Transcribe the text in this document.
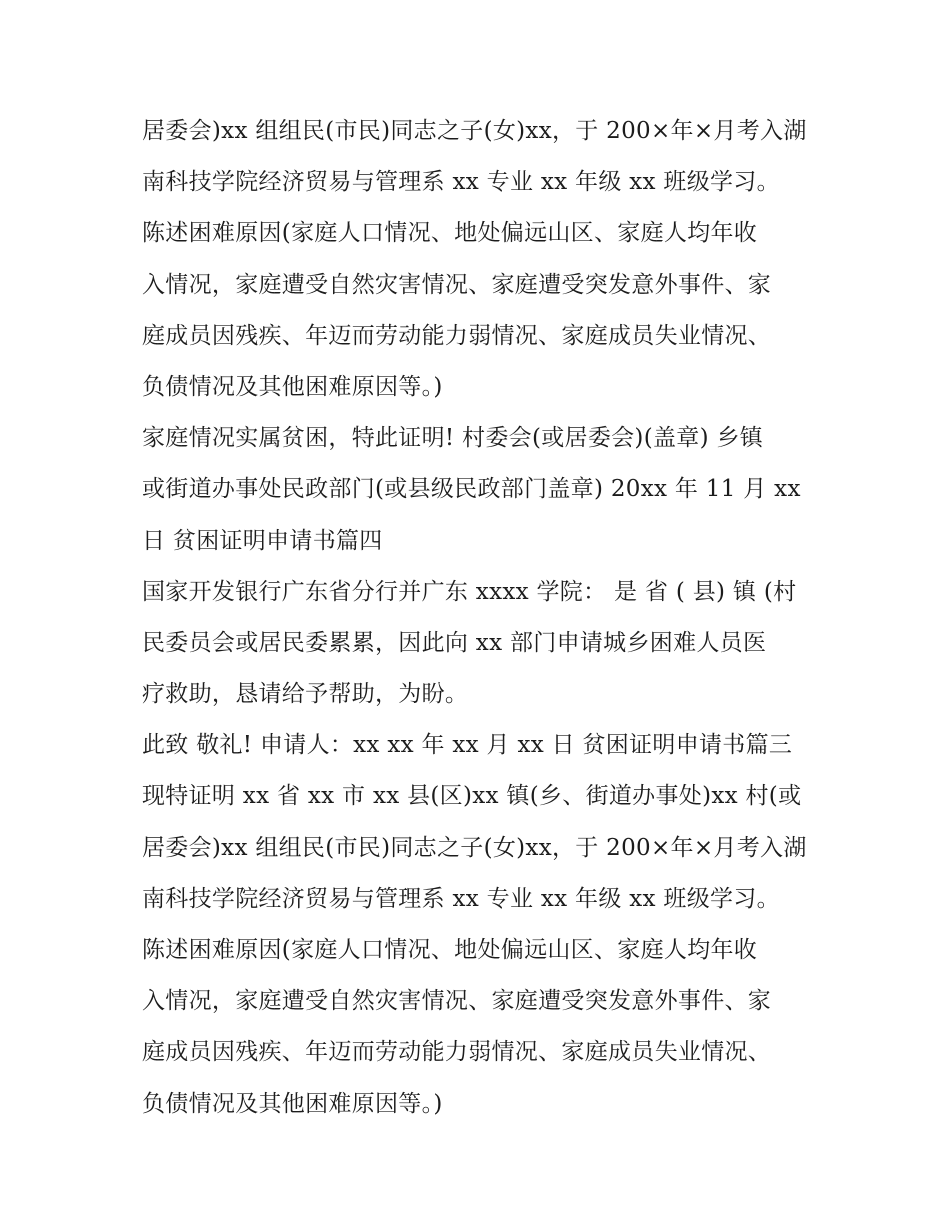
居委会)xx 组组民(市民)同志之子(女)xx，于 200×年×月考入湖
南科技学院经济贸易与管理系 xx 专业 xx 年级 xx 班级学习。
陈述困难原因(家庭人口情况、地处偏远山区、家庭人均年收
入情况，家庭遭受自然灾害情况、家庭遭受突发意外事件、家
庭成员因残疾、年迈而劳动能力弱情况、家庭成员失业情况、
负债情况及其他困难原因等。)
家庭情况实属贫困，特此证明! 村委会(或居委会)(盖章) 乡镇
或街道办事处民政部门(或县级民政部门盖章) 20xx 年 11 月 xx
日 贫困证明申请书篇四
国家开发银行广东省分行并广东 xxxx 学院： 是 省 ( 县) 镇 (村
民委员会或居民委累累，因此向 xx 部门申请城乡困难人员医
疗救助，恳请给予帮助，为盼。
此致 敬礼! 申请人：xx xx 年 xx 月 xx 日 贫困证明申请书篇三
现特证明 xx 省 xx 市 xx 县(区)xx 镇(乡、街道办事处)xx 村(或
居委会)xx 组组民(市民)同志之子(女)xx，于 200×年×月考入湖
南科技学院经济贸易与管理系 xx 专业 xx 年级 xx 班级学习。
陈述困难原因(家庭人口情况、地处偏远山区、家庭人均年收
入情况，家庭遭受自然灾害情况、家庭遭受突发意外事件、家
庭成员因残疾、年迈而劳动能力弱情况、家庭成员失业情况、
负债情况及其他困难原因等。)
